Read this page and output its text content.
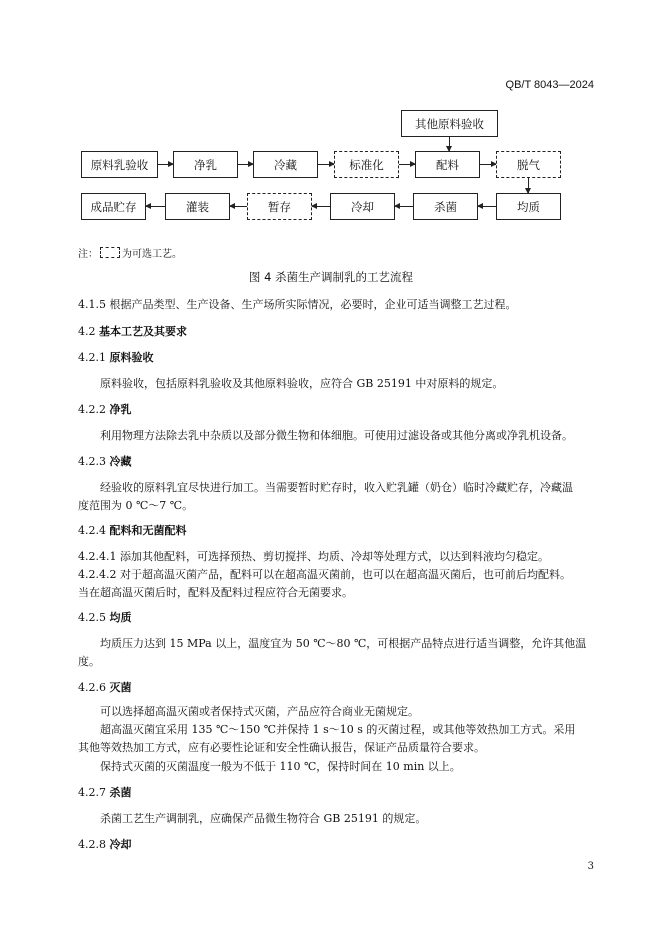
QB/T 8043—2024
其他原料验收
原料乳验收	净乳	冷藏	标准化	配料	脱气
成品贮存	灌装	暂存	冷却	杀菌	均质
注： 为可选工艺。
图 4 杀菌生产调制乳的工艺流程
4.1.5 根据产品类型、生产设备、生产场所实际情况，必要时，企业可适当调整工艺过程。
4.2 基本工艺及其要求
4.2.1 原料验收
原料验收，包括原料乳验收及其他原料验收，应符合 GB 25191 中对原料的规定。
4.2.2 净乳
利用物理方法除去乳中杂质以及部分微生物和体细胞。可使用过滤设备或其他分离或净乳机设备。
4.2.3 冷藏
经验收的原料乳宜尽快进行加工。当需要暂时贮存时，收入贮乳罐（奶仓）临时冷藏贮存，冷藏温
度范围为 0 ℃～7 ℃。
4.2.4 配料和无菌配料
4.2.4.1 添加其他配料，可选择预热、剪切搅拌、均质、冷却等处理方式，以达到料液均匀稳定。
4.2.4.2 对于超高温灭菌产品，配料可以在超高温灭菌前，也可以在超高温灭菌后，也可前后均配料。
当在超高温灭菌后时，配料及配料过程应符合无菌要求。
4.2.5 均质
均质压力达到 15 MPa 以上，温度宜为 50 ℃～80 ℃，可根据产品特点进行适当调整，允许其他温
度。
4.2.6 灭菌
可以选择超高温灭菌或者保持式灭菌，产品应符合商业无菌规定。
超高温灭菌宜采用 135 ℃～150 ℃并保持 1 s～10 s 的灭菌过程，或其他等效热加工方式。采用
其他等效热加工方式，应有必要性论证和安全性确认报告，保证产品质量符合要求。
保持式灭菌的灭菌温度一般为不低于 110 ℃，保持时间在 10 min 以上。
4.2.7 杀菌
杀菌工艺生产调制乳，应确保产品微生物符合 GB 25191 的规定。
4.2.8 冷却
3
